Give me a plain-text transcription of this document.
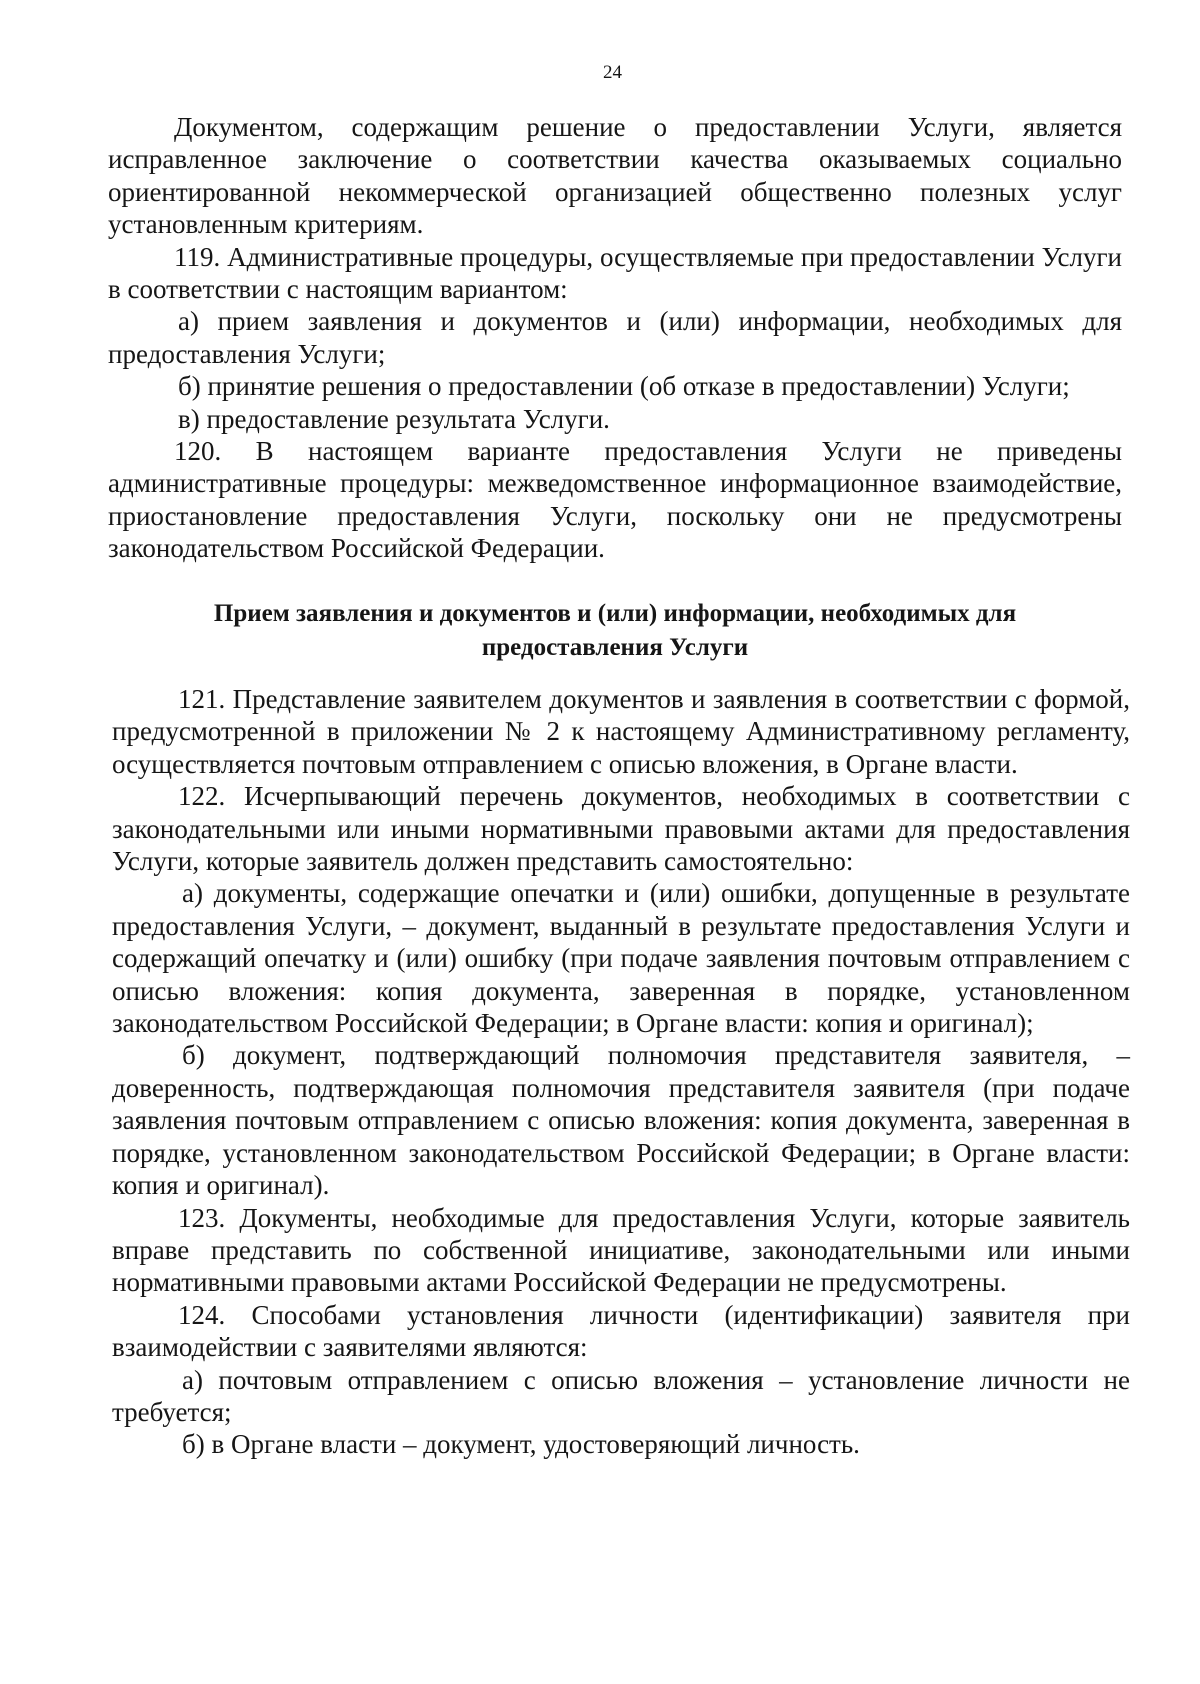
24

Документом, содержащим решение о предоставлении Услуги, является исправленное заключение о соответствии качества оказываемых социально ориентированной некоммерческой организацией общественно полезных услуг установленным критериям.

119. Административные процедуры, осуществляемые при предоставлении Услуги в соответствии с настоящим вариантом:

а) прием заявления и документов и (или) информации, необходимых для предоставления Услуги;

б) принятие решения о предоставлении (об отказе в предоставлении) Услуги;

в) предоставление результата Услуги.

120. В настоящем варианте предоставления Услуги не приведены административные процедуры: межведомственное информационное взаимодействие, приостановление предоставления Услуги, поскольку они не предусмотрены законодательством Российской Федерации.

Прием заявления и документов и (или) информации, необходимых для предоставления Услуги

121. Представление заявителем документов и заявления в соответствии с формой, предусмотренной в приложении № 2 к настоящему Административному регламенту, осуществляется почтовым отправлением с описью вложения, в Органе власти.

122. Исчерпывающий перечень документов, необходимых в соответствии с законодательными или иными нормативными правовыми актами для предоставления Услуги, которые заявитель должен представить самостоятельно:

а) документы, содержащие опечатки и (или) ошибки, допущенные в результате предоставления Услуги, – документ, выданный в результате предоставления Услуги и содержащий опечатку и (или) ошибку (при подаче заявления почтовым отправлением с описью вложения: копия документа, заверенная в порядке, установленном законодательством Российской Федерации; в Органе власти: копия и оригинал);

б) документ, подтверждающий полномочия представителя заявителя, – доверенность, подтверждающая полномочия представителя заявителя (при подаче заявления почтовым отправлением с описью вложения: копия документа, заверенная в порядке, установленном законодательством Российской Федерации; в Органе власти: копия и оригинал).

123. Документы, необходимые для предоставления Услуги, которые заявитель вправе представить по собственной инициативе, законодательными или иными нормативными правовыми актами Российской Федерации не предусмотрены.

124. Способами установления личности (идентификации) заявителя при взаимодействии с заявителями являются:

а) почтовым отправлением с описью вложения – установление личности не требуется;

б) в Органе власти – документ, удостоверяющий личность.
